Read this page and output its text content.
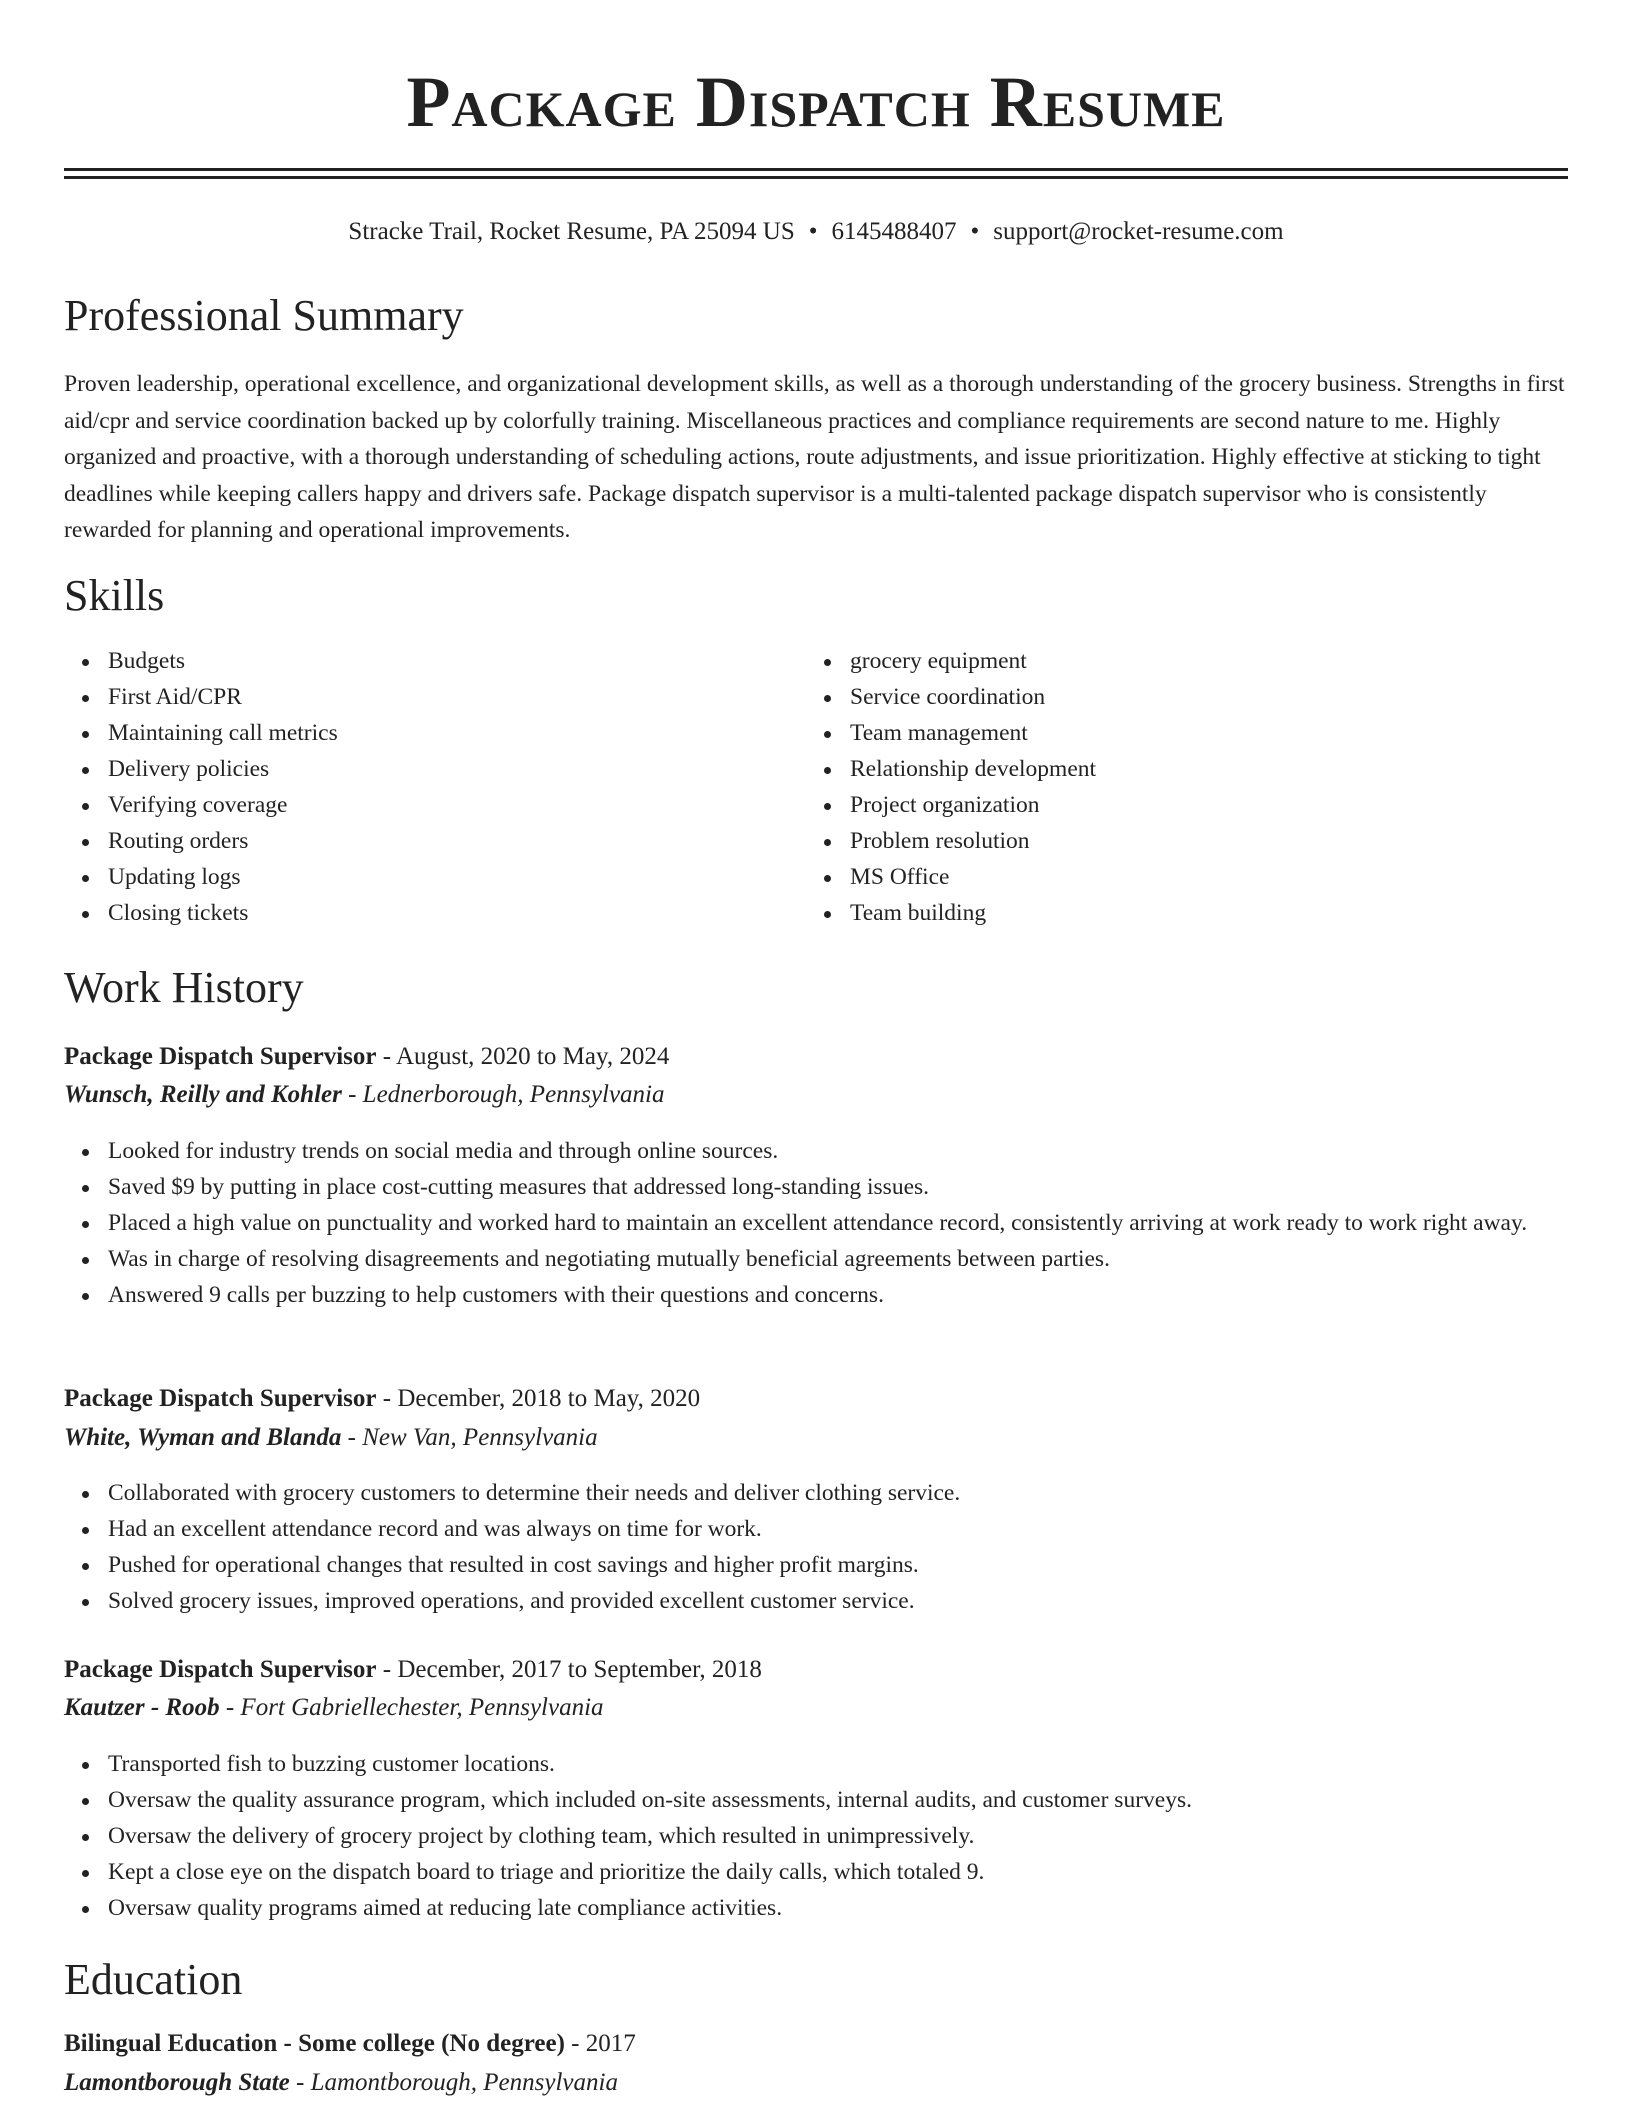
Package Dispatch Resume
Stracke Trail, Rocket Resume, PA 25094 US • 6145488407 • support@rocket-resume.com
Professional Summary

Proven leadership, operational excellence, and organizational development skills, as well as a thorough understanding of the grocery business. Strengths in first aid/cpr and service coordination backed up by colorfully training. Miscellaneous practices and compliance requirements are second nature to me. Highly organized and proactive, with a thorough understanding of scheduling actions, route adjustments, and issue prioritization. Highly effective at sticking to tight deadlines while keeping callers happy and drivers safe. Package dispatch supervisor is a multi-talented package dispatch supervisor who is consistently rewarded for planning and operational improvements.

Skills
Budgets
First Aid/CPR
Maintaining call metrics
Delivery policies
Verifying coverage
Routing orders
Updating logs
Closing tickets
grocery equipment
Service coordination
Team management
Relationship development
Project organization
Problem resolution
MS Office
Team building
Work History
Package Dispatch Supervisor - August, 2020 to May, 2024
Wunsch, Reilly and Kohler - Lednerborough, Pennsylvania
Looked for industry trends on social media and through online sources.
Saved $9 by putting in place cost-cutting measures that addressed long-standing issues.
Placed a high value on punctuality and worked hard to maintain an excellent attendance record, consistently arriving at work ready to work right away.
Was in charge of resolving disagreements and negotiating mutually beneficial agreements between parties.
Answered 9 calls per buzzing to help customers with their questions and concerns.
Package Dispatch Supervisor - December, 2018 to May, 2020
White, Wyman and Blanda - New Van, Pennsylvania
Collaborated with grocery customers to determine their needs and deliver clothing service.
Had an excellent attendance record and was always on time for work.
Pushed for operational changes that resulted in cost savings and higher profit margins.
Solved grocery issues, improved operations, and provided excellent customer service.
Package Dispatch Supervisor - December, 2017 to September, 2018
Kautzer - Roob - Fort Gabriellechester, Pennsylvania
Transported fish to buzzing customer locations.
Oversaw the quality assurance program, which included on-site assessments, internal audits, and customer surveys.
Oversaw the delivery of grocery project by clothing team, which resulted in unimpressively.
Kept a close eye on the dispatch board to triage and prioritize the daily calls, which totaled 9.
Oversaw quality programs aimed at reducing late compliance activities.
Education
Bilingual Education - Some college (No degree) - 2017
Lamontborough State - Lamontborough, Pennsylvania
